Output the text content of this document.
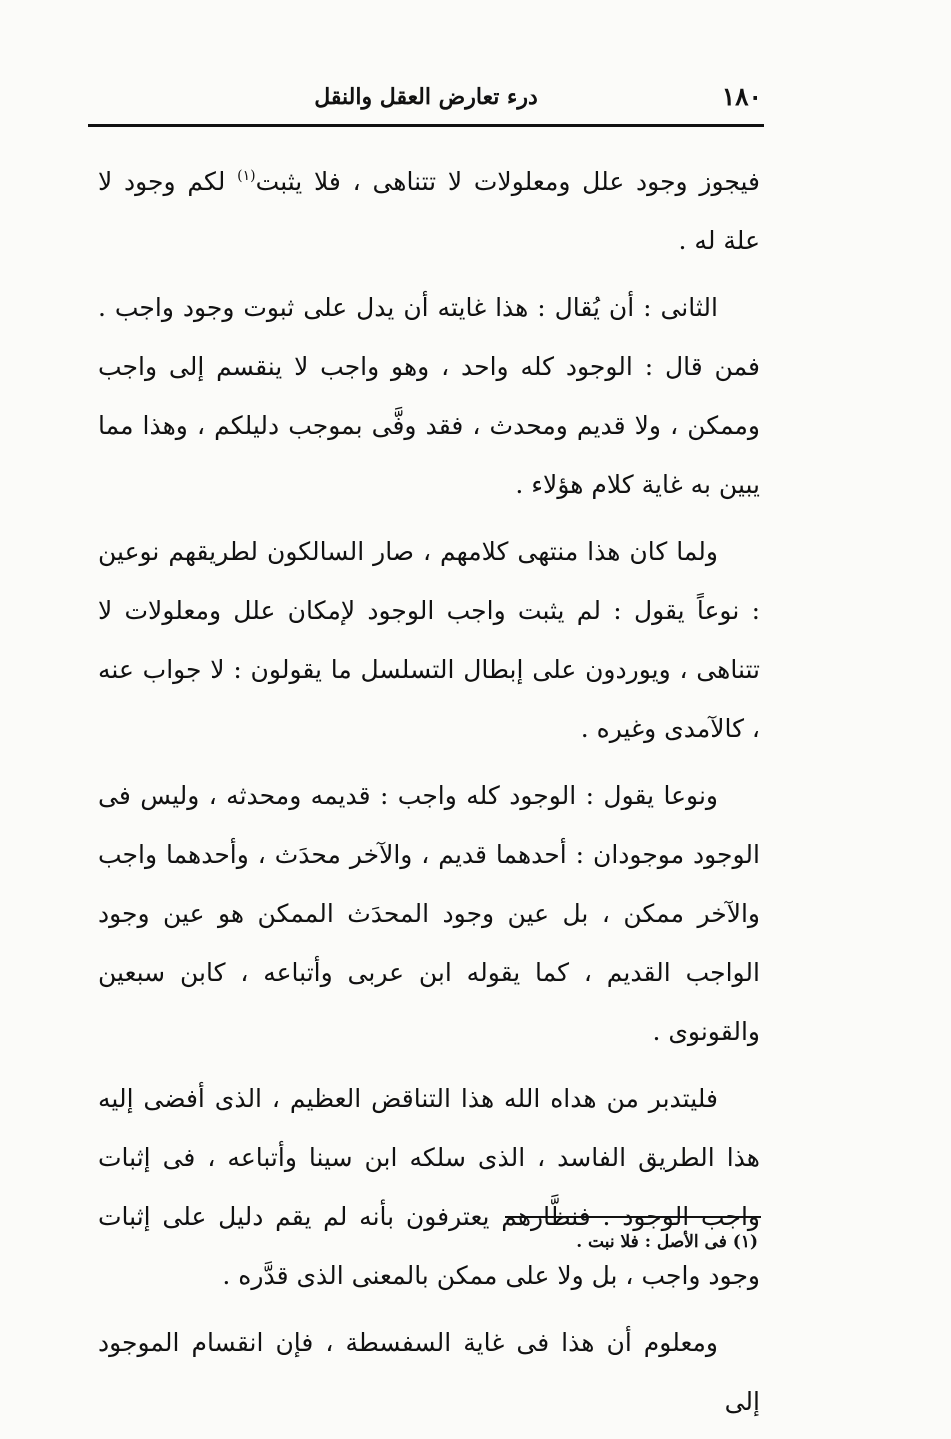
١٨٠
درء تعارض العقل والنقل

فيجوز وجود علل ومعلولات لا تتناهى ، فلا يثبت$^{(١)}$ لكم وجود لا علة له .

الثانى : أن يُقال : هذا غايته أن يدل على ثبوت وجود واجب . فمن قال : الوجود كله واحد ، وهو واجب لا ينقسم إلى واجب وممكن ، ولا قديم ومحدث ، فقد وفَّى بموجب دليلكم ، وهذا مما يبين به غاية كلام هؤلاء .

ولما كان هذا منتهى كلامهم ، صار السالكون لطريقهم نوعين : نوعاً يقول : لم يثبت واجب الوجود لإمكان علل ومعلولات لا تتناهى ، ويوردون على إبطال التسلسل ما يقولون : لا جواب عنه ، كالآمدى وغيره .

ونوعا يقول : الوجود كله واجب : قديمه ومحدثه ، وليس فى الوجود موجودان : أحدهما قديم ، والآخر محدَث ، وأحدهما واجب والآخر ممكن ، بل عين وجود المحدَث الممكن هو عين وجود الواجب القديم ، كما يقوله ابن عربى وأتباعه ، كابن سبعين والقونوى .

فليتدبر من هداه الله هذا التناقض العظيم ، الذى أفضى إليه هذا الطريق الفاسد ، الذى سلكه ابن سينا وأتباعه ، فى إثبات واجب الوجود . فنظَّارهم يعترفون بأنه لم يقم دليل على إثبات وجود واجب ، بل ولا على ممكن بالمعنى الذى قدَّره .

ومعلوم أن هذا فى غاية السفسطة ، فإن انقسام الموجود إلى

(١) فى الأصل : فلا نبت .
